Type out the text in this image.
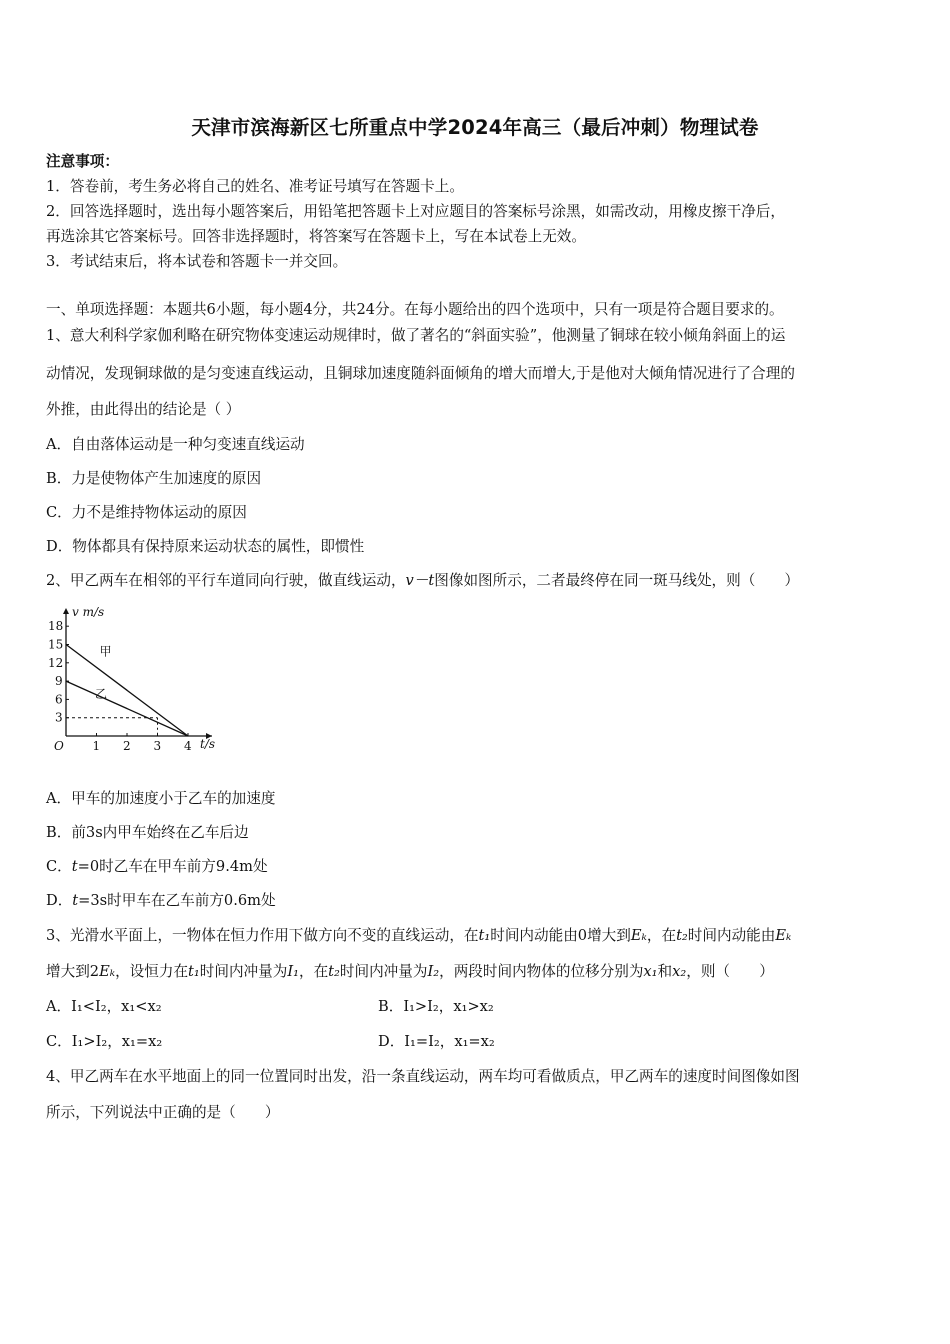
天津市滨海新区七所重点中学2024年高三（最后冲刺）物理试卷
注意事项：
1．答卷前，考生务必将自己的姓名、准考证号填写在答题卡上。
2．回答选择题时，选出每小题答案后，用铅笔把答题卡上对应题目的答案标号涂黑，如需改动，用橡皮擦干净后，
再选涂其它答案标号。回答非选择题时，将答案写在答题卡上，写在本试卷上无效。
3．考试结束后，将本试卷和答题卡一并交回。
一、单项选择题：本题共6小题，每小题4分，共24分。在每小题给出的四个选项中，只有一项是符合题目要求的。
1、意大利科学家伽利略在研究物体变速运动规律时，做了著名的“斜面实验”，他测量了铜球在较小倾角斜面上的运
动情况，发现铜球做的是匀变速直线运动，且铜球加速度随斜面倾角的增大而增大,于是他对大倾角情况进行了合理的
外推，由此得出的结论是（ ）
A．自由落体运动是一种匀变速直线运动
B．力是使物体产生加速度的原因
C．力不是维持物体运动的原因
D．物体都具有保持原来运动状态的属性，即惯性
2、甲乙两车在相邻的平行车道同向行驶，做直线运动，v－t图像如图所示，二者最终停在同一斑马线处，则（　　）
v m/s
t/s
O 1 2 3 4
3
6
9
12
15
18
甲
乙
A．甲车的加速度小于乙车的加速度
B．前3s内甲车始终在乙车后边
C．t=0时乙车在甲车前方9.4m处
D．t=3s时甲车在乙车前方0.6m处
3、光滑水平面上，一物体在恒力作用下做方向不变的直线运动，在t₁时间内动能由0增大到Eₖ，在t₂时间内动能由Eₖ
增大到2Eₖ，设恒力在t₁时间内冲量为I₁，在t₂时间内冲量为I₂，两段时间内物体的位移分别为x₁和x₂，则（　　）
A．I₁<I₂，x₁<x₂	B．I₁>I₂，x₁>x₂
C．I₁>I₂，x₁=x₂	D．I₁=I₂，x₁=x₂
4、甲乙两车在水平地面上的同一位置同时出发，沿一条直线运动，两车均可看做质点，甲乙两车的速度时间图像如图
所示，下列说法中正确的是（　　）
